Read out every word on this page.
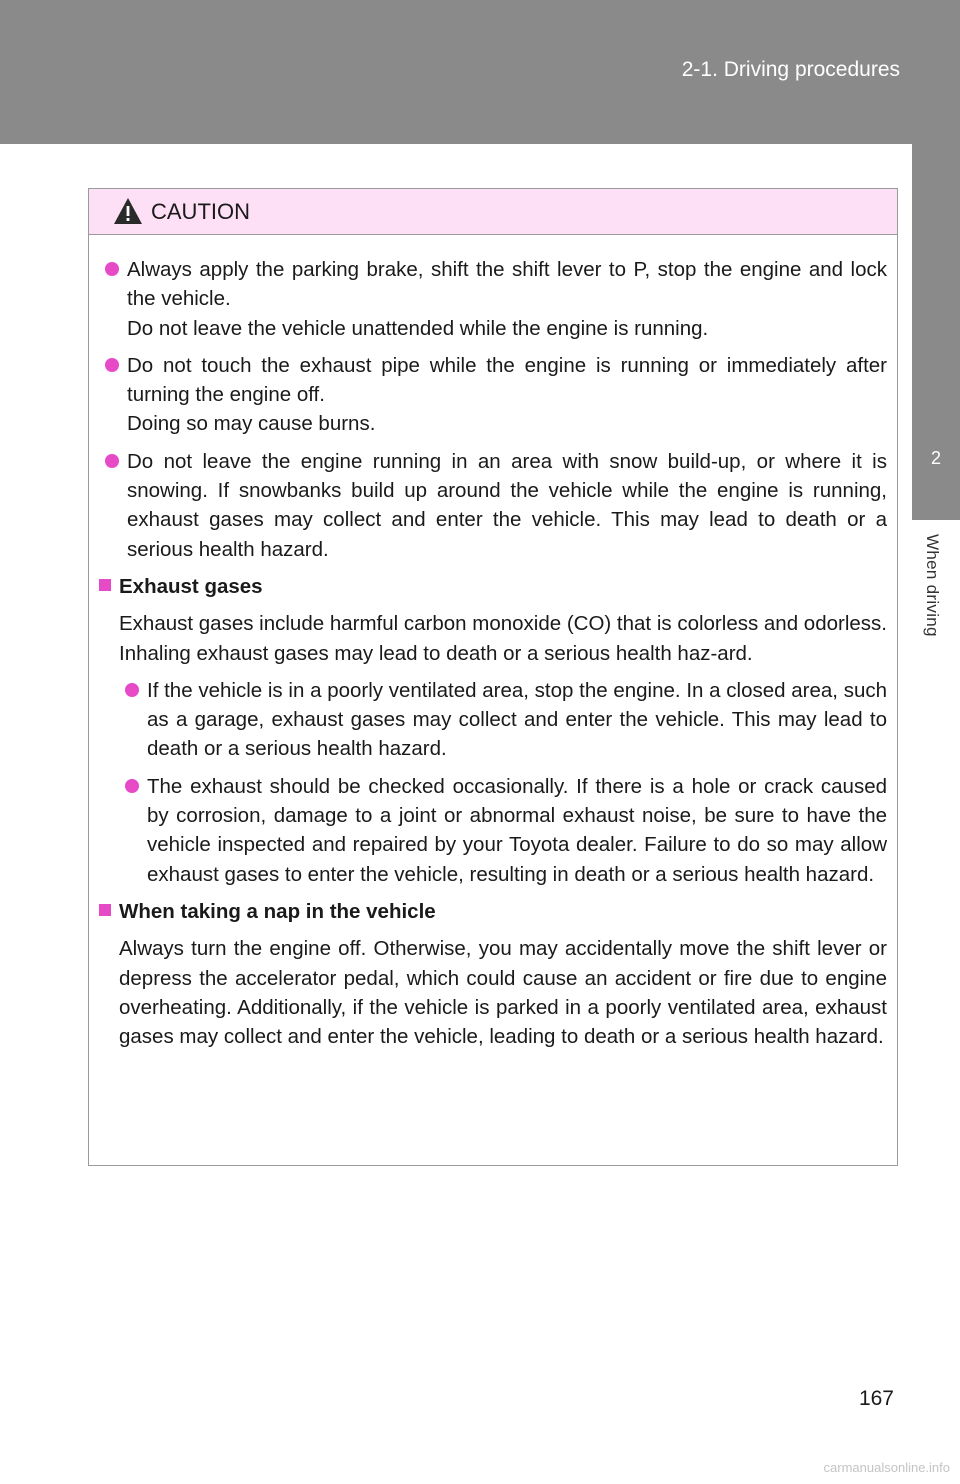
2-1. Driving procedures
2
When driving
CAUTION

Always apply the parking brake, shift the shift lever to P, stop the engine and lock the vehicle.

Do not leave the vehicle unattended while the engine is running.

Do not touch the exhaust pipe while the engine is running or immediately after turning the engine off.

Doing so may cause burns.

Do not leave the engine running in an area with snow build-up, or where it is snowing. If snowbanks build up around the vehicle while the engine is running, exhaust gases may collect and enter the vehicle. This may lead to death or a serious health hazard.

Exhaust gases
Exhaust gases include harmful carbon monoxide (CO) that is colorless and odorless. Inhaling exhaust gases may lead to death or a serious health haz-ard.

If the vehicle is in a poorly ventilated area, stop the engine. In a closed area, such as a garage, exhaust gases may collect and enter the vehicle. This may lead to death or a serious health hazard.

The exhaust should be checked occasionally. If there is a hole or crack caused by corrosion, damage to a joint or abnormal exhaust noise, be sure to have the vehicle inspected and repaired by your Toyota dealer. Failure to do so may allow exhaust gases to enter the vehicle, resulting in death or a serious health hazard.

When taking a nap in the vehicle
Always turn the engine off. Otherwise, you may accidentally move the shift lever or depress the accelerator pedal, which could cause an accident or fire due to engine overheating. Additionally, if the vehicle is parked in a poorly ventilated area, exhaust gases may collect and enter the vehicle, leading to death or a serious health hazard.
167
carmanualsonline.info
